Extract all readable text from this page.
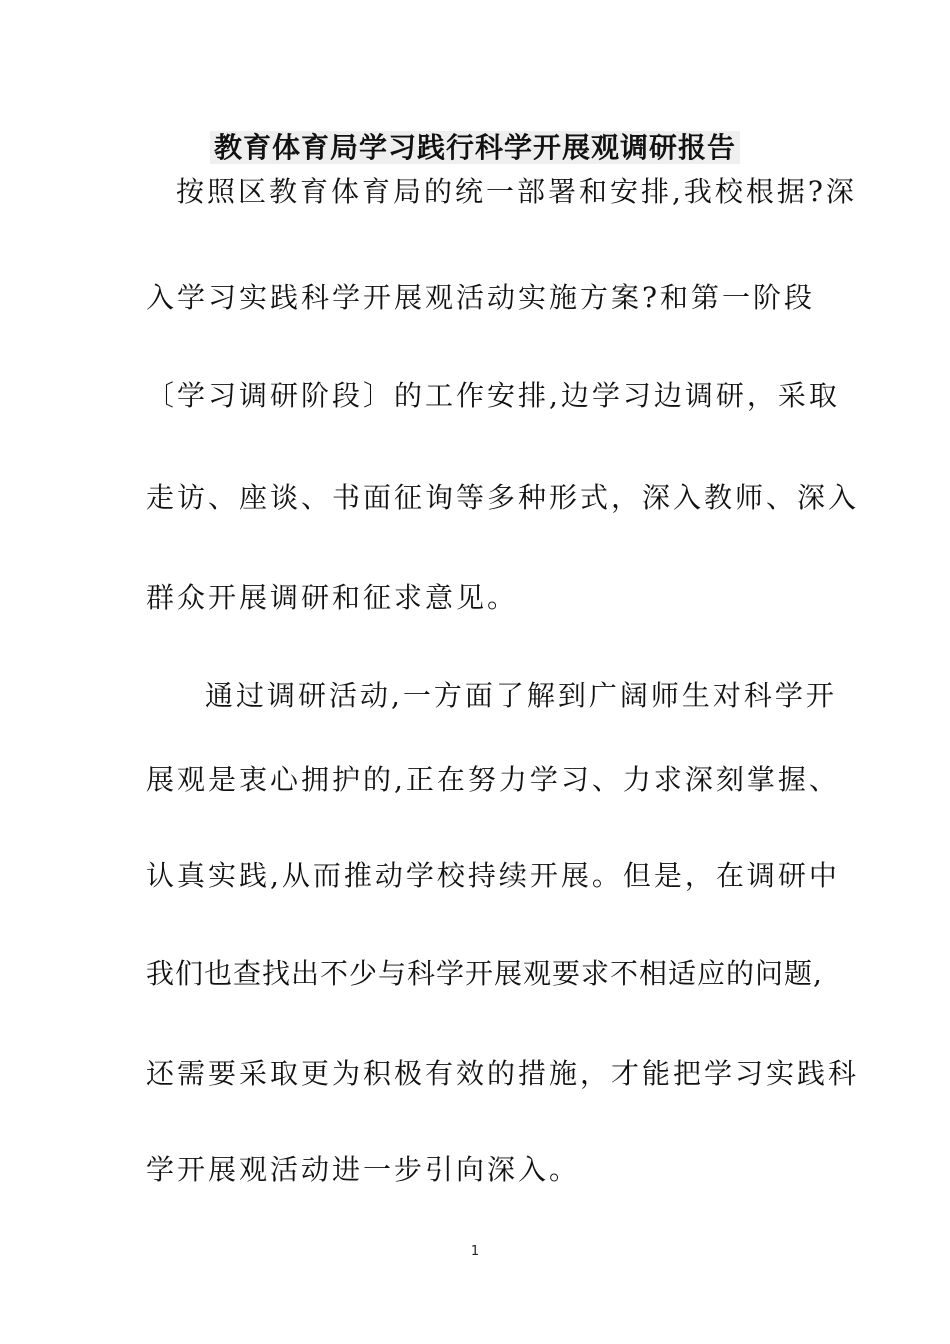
教育体育局学习践行科学开展观调研报告
按照区教育体育局的统一部署和安排,我校根据?深
入学习实践科学开展观活动实施方案?和第一阶段
〔学习调研阶段〕的工作安排,边学习边调研，采取
走访、座谈、书面征询等多种形式，深入教师、深入
群众开展调研和征求意见。
通过调研活动,一方面了解到广阔师生对科学开
展观是衷心拥护的,正在努力学习、力求深刻掌握、
认真实践,从而推动学校持续开展。但是，在调研中
我们也查找出不少与科学开展观要求不相适应的问题,
还需要采取更为积极有效的措施，才能把学习实践科
学开展观活动进一步引向深入。
1
